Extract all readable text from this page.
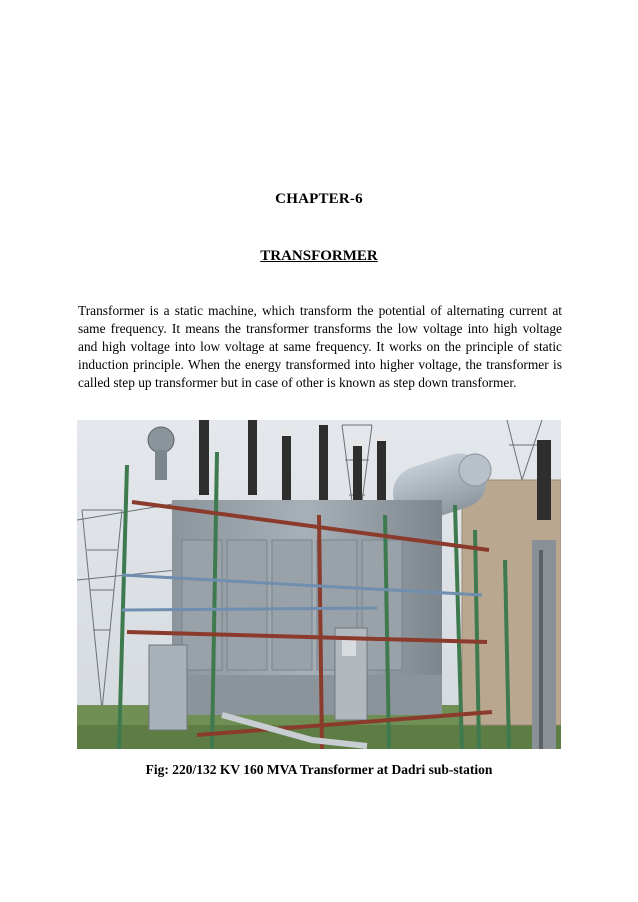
CHAPTER-6
TRANSFORMER

Transformer is a static machine, which transform the potential of alternating current at same frequency. It means the transformer transforms the low voltage into high voltage and high voltage into low voltage at same frequency. It works on the principle of static induction principle. When the energy transformed into higher voltage, the transformer is called step up transformer but in case of other is known as step down transformer.

Fig: 220/132 KV 160 MVA Transformer at Dadri sub-station
